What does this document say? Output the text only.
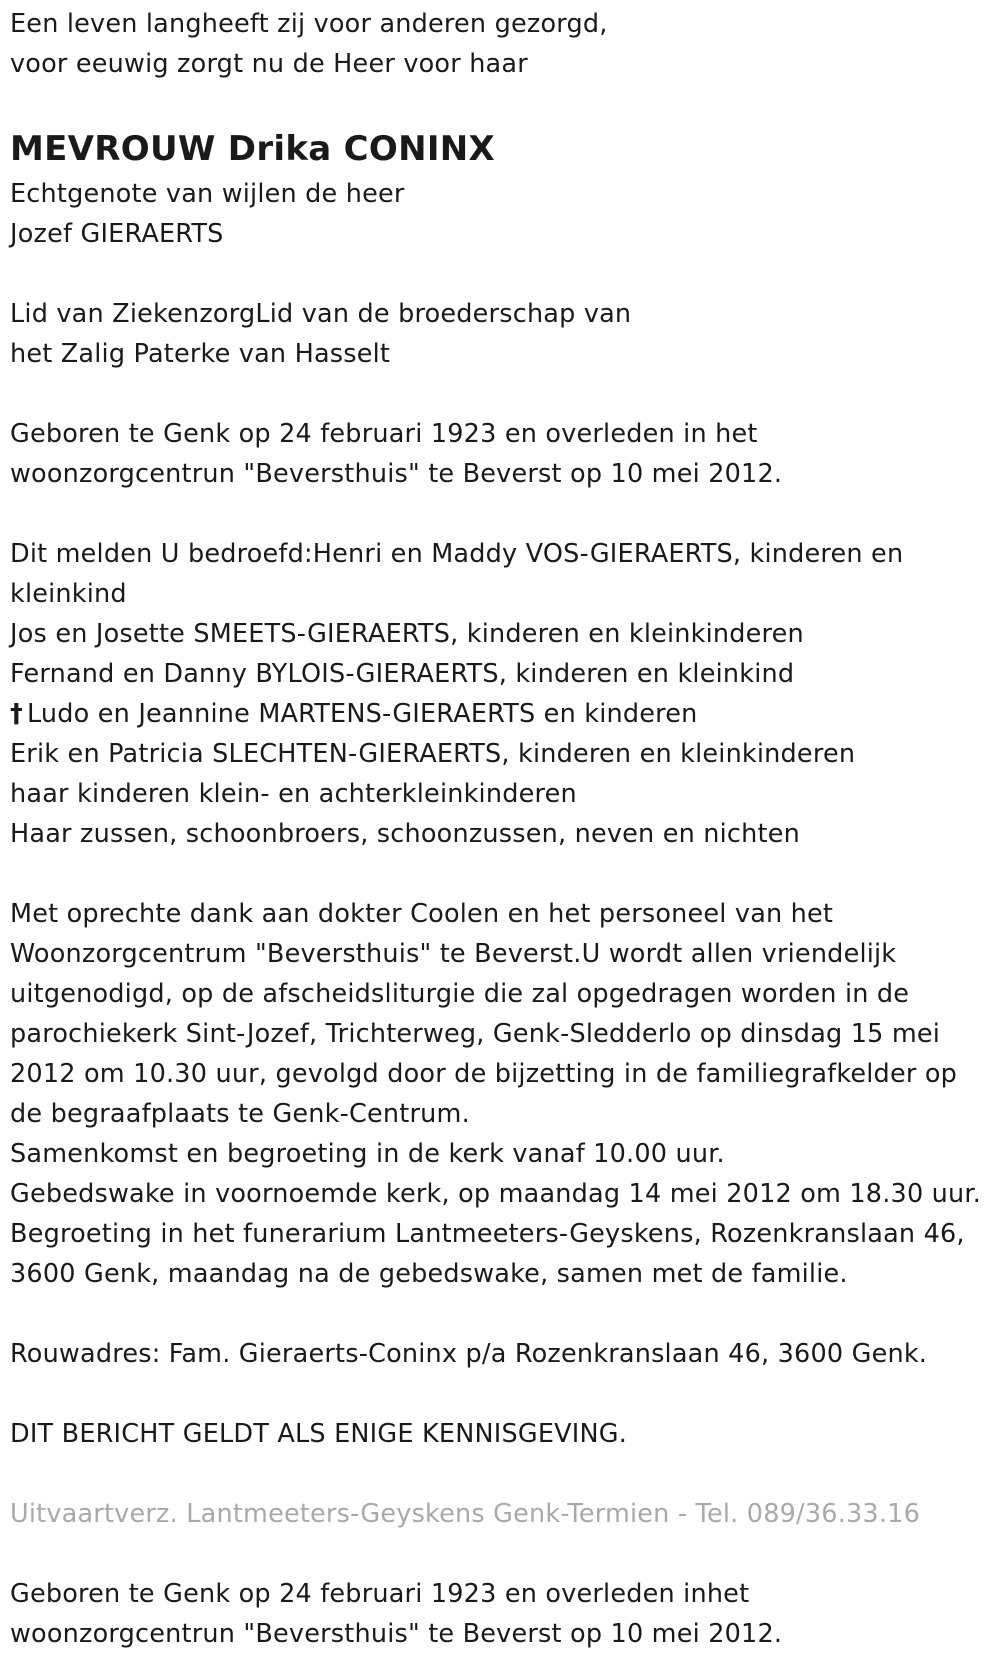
Een leven langheeft zij voor anderen gezorgd,
voor eeuwig zorgt nu de Heer voor haar
MEVROUW Drika CONINX
Echtgenote van wijlen de heer
Jozef GIERAERTS
Lid van ZiekenzorgLid van de broederschap van
het Zalig Paterke van Hasselt
Geboren te Genk op 24 februari 1923 en overleden in het
woonzorgcentrun "Beversthuis" te Beverst op 10 mei 2012.
Dit melden U bedroefd:Henri en Maddy VOS-GIERAERTS, kinderen en
kleinkind
Jos en Josette SMEETS-GIERAERTS, kinderen en kleinkinderen
Fernand en Danny BYLOIS-GIERAERTS, kinderen en kleinkind
† Ludo en Jeannine MARTENS-GIERAERTS en kinderen
Erik en Patricia SLECHTEN-GIERAERTS, kinderen en kleinkinderen
haar kinderen klein- en achterkleinkinderen
Haar zussen, schoonbroers, schoonzussen, neven en nichten
Met oprechte dank aan dokter Coolen en het personeel van het
Woonzorgcentrum "Beversthuis" te Beverst.U wordt allen vriendelijk
uitgenodigd, op de afscheidsliturgie die zal opgedragen worden in de
parochiekerk Sint-Jozef, Trichterweg, Genk-Sledderlo op dinsdag 15 mei
2012 om 10.30 uur, gevolgd door de bijzetting in de familiegrafkelder op
de begraafplaats te Genk-Centrum.
Samenkomst en begroeting in de kerk vanaf 10.00 uur.
Gebedswake in voornoemde kerk, op maandag 14 mei 2012 om 18.30 uur.
Begroeting in het funerarium Lantmeeters-Geyskens, Rozenkranslaan 46,
3600 Genk, maandag na de gebedswake, samen met de familie.
Rouwadres: Fam. Gieraerts-Coninx p/a Rozenkranslaan 46, 3600 Genk.
DIT BERICHT GELDT ALS ENIGE KENNISGEVING.
Uitvaartverz. Lantmeeters-Geyskens Genk-Termien - Tel. 089/36.33.16
Geboren te Genk op 24 februari 1923 en overleden inhet
woonzorgcentrun "Beversthuis" te Beverst op 10 mei 2012.
